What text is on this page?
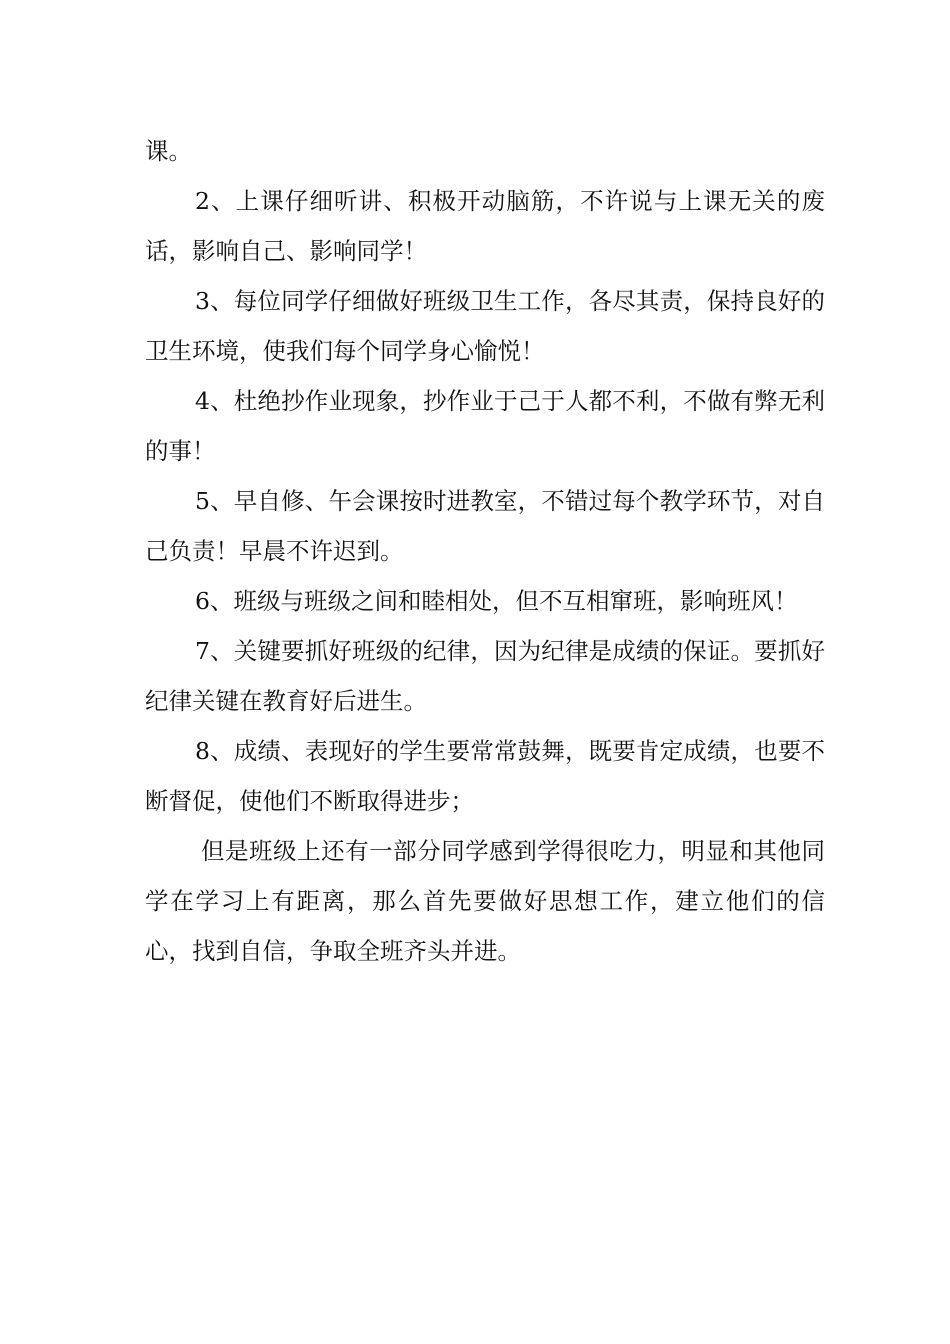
课。

2、上课仔细听讲、积极开动脑筋，不许说与上课无关的废话，影响自己、影响同学！

3、每位同学仔细做好班级卫生工作，各尽其责，保持良好的卫生环境，使我们每个同学身心愉悦！

4、杜绝抄作业现象，抄作业于己于人都不利，不做有弊无利的事！

5、早自修、午会课按时进教室，不错过每个教学环节，对自己负责！早晨不许迟到。

6、班级与班级之间和睦相处，但不互相窜班，影响班风！

7、关键要抓好班级的纪律，因为纪律是成绩的保证。要抓好纪律关键在教育好后进生。

8、成绩、表现好的学生要常常鼓舞，既要肯定成绩，也要不断督促，使他们不断取得进步；

但是班级上还有一部分同学感到学得很吃力，明显和其他同学在学习上有距离，那么首先要做好思想工作，建立他们的信心，找到自信，争取全班齐头并进。
